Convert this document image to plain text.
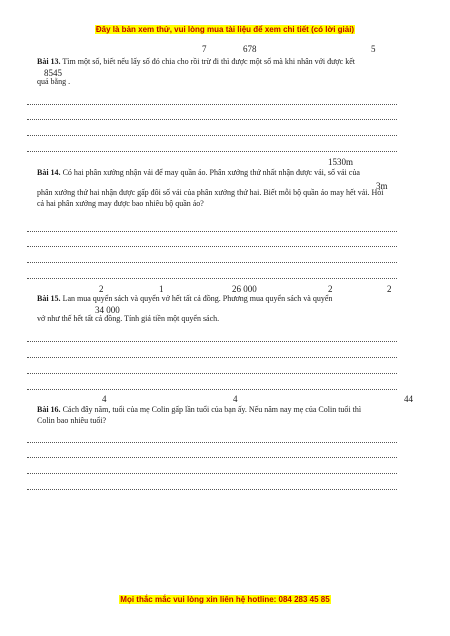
Đây là bản xem thử, vui lòng mua tài liệu để xem chi tiết (có lời giải)
7	678	5
Bài 13. Tìm một số, biết nếu lấy số đó chia cho rồi trừ đi thì được một số mà khi nhân với được kết
8545
quả bằng .
1530m
Bài 14. Có hai phân xưởng nhận vải để may quần áo. Phân xưởng thứ nhất nhận được vải, số vải của
3m
phân xưởng thứ hai nhận được gấp đôi số vải của phân xưởng thứ hai. Biết mỗi bộ quần áo may hết vải. Hỏi
cả hai phân xưởng may được bao nhiêu bộ quần áo?
2	1	26 000	2	2
Bài 15. Lan mua quyển sách và quyển vở hết tất cả đồng. Phương mua quyển sách và quyển
34 000
vở như thế hết tất cả đồng. Tính giá tiền một quyển sách.
4	4	44
Bài 16. Cách đây năm, tuổi của mẹ Colin gấp lần tuổi của bạn ấy. Nếu năm nay mẹ của Colin tuổi thì
Colin bao nhiêu tuổi?
Mọi thắc mắc vui lòng xin liên hệ hotline: 084 283 45 85
